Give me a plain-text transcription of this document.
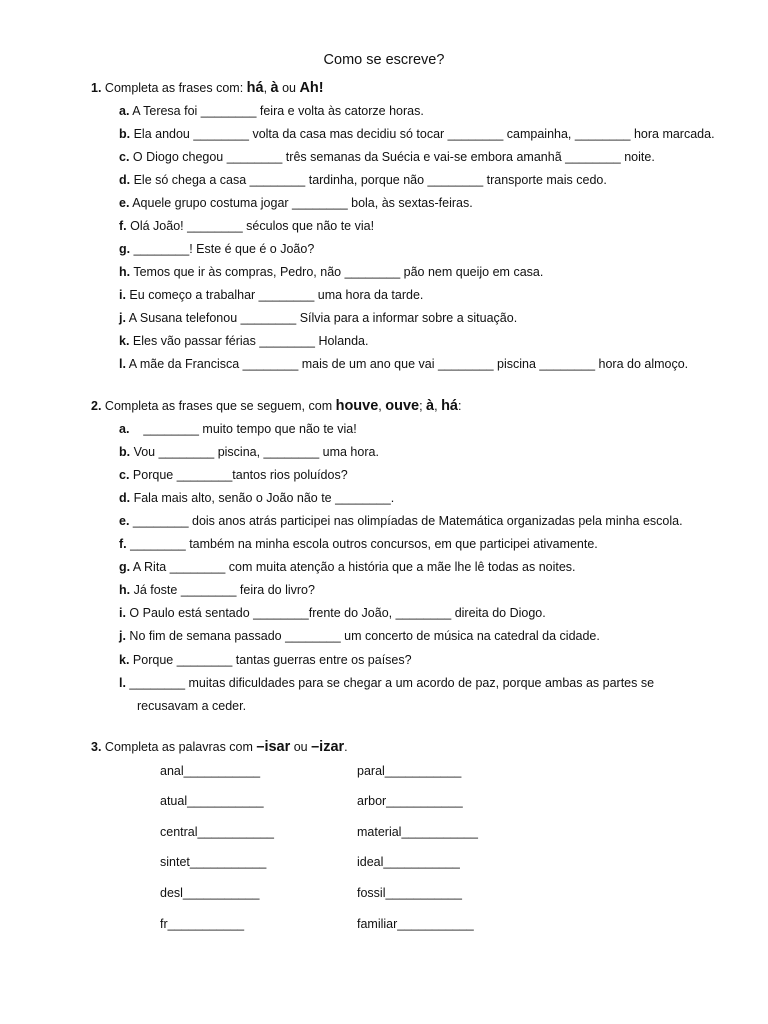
Como se escreve?
1. Completa as frases com: há, à ou Ah!
a. A Teresa foi ________ feira e volta às catorze horas.
b. Ela andou ________ volta da casa mas decidiu só tocar ________ campainha, ________ hora marcada.
c. O Diogo chegou ________ três semanas da Suécia e vai-se embora amanhã ________ noite.
d. Ele só chega a casa ________ tardinha, porque não ________ transporte mais cedo.
e. Aquele grupo costuma jogar ________ bola, às sextas-feiras.
f. Olá João! ________ séculos que não te via!
g. ________! Este é que é o João?
h. Temos que ir às compras, Pedro, não ________ pão nem queijo em casa.
i. Eu começo a trabalhar ________ uma hora da tarde.
j. A Susana telefonou ________ Sílvia para a informar sobre a situação.
k. Eles vão passar férias ________ Holanda.
l. A mãe da Francisca ________ mais de um ano que vai ________ piscina ________ hora do almoço.
2. Completa as frases que se seguem, com houve, ouve; à, há:
a.    ________ muito tempo que não te via!
b. Vou ________ piscina, ________ uma hora.
c. Porque ________tantos rios poluídos?
d. Fala mais alto, senão o João não te ________.
e. ________ dois anos atrás participei nas olimpíadas de Matemática organizadas pela minha escola.
f. ________ também na minha escola outros concursos, em que participei ativamente.
g. A Rita ________ com muita atenção a história que a mãe lhe lê todas as noites.
h. Já foste ________ feira do livro?
i. O Paulo está sentado ________frente do João, ________ direita do Diogo.
j. No fim de semana passado ________ um concerto de música na catedral da cidade.
k. Porque ________ tantas guerras entre os países?
l. ________ muitas dificuldades para se chegar a um acordo de paz, porque ambas as partes se
recusavam a ceder.
3. Completa as palavras com –isar ou –izar.
anal___________
atual___________
central___________
sintet___________
desl___________
fr___________
paral___________
arbor___________
material___________
ideal___________
fossil___________
familiar___________
